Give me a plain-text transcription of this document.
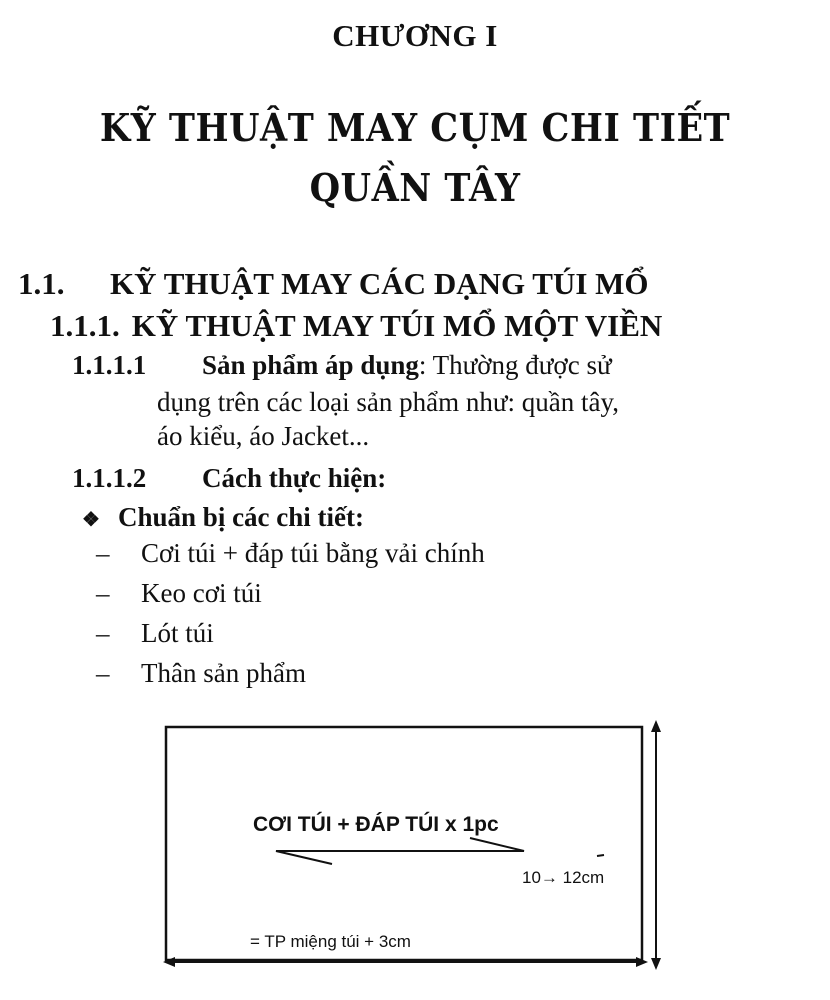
CHƯƠNG I
KỸ THUẬT MAY CỤM CHI TIẾT
QUẦN TÂY
1.1. KỸ THUẬT MAY CÁC DẠNG TÚI MỔ
1.1.1. KỸ THUẬT MAY TÚI MỔ MỘT VIỀN
1.1.1.1 Sản phẩm áp dụng: Thường được sử
dụng trên các loại sản phẩm như: quần tây,
áo kiểu, áo Jacket...
1.1.1.2 Cách thực hiện:
❖ Chuẩn bị các chi tiết:
– Cơi túi + đáp túi bằng vải chính
– Keo cơi túi
– Lót túi
– Thân sản phẩm
CƠI TÚI + ĐÁP TÚI x 1pc
10→ 12cm
= TP miệng túi + 3cm
